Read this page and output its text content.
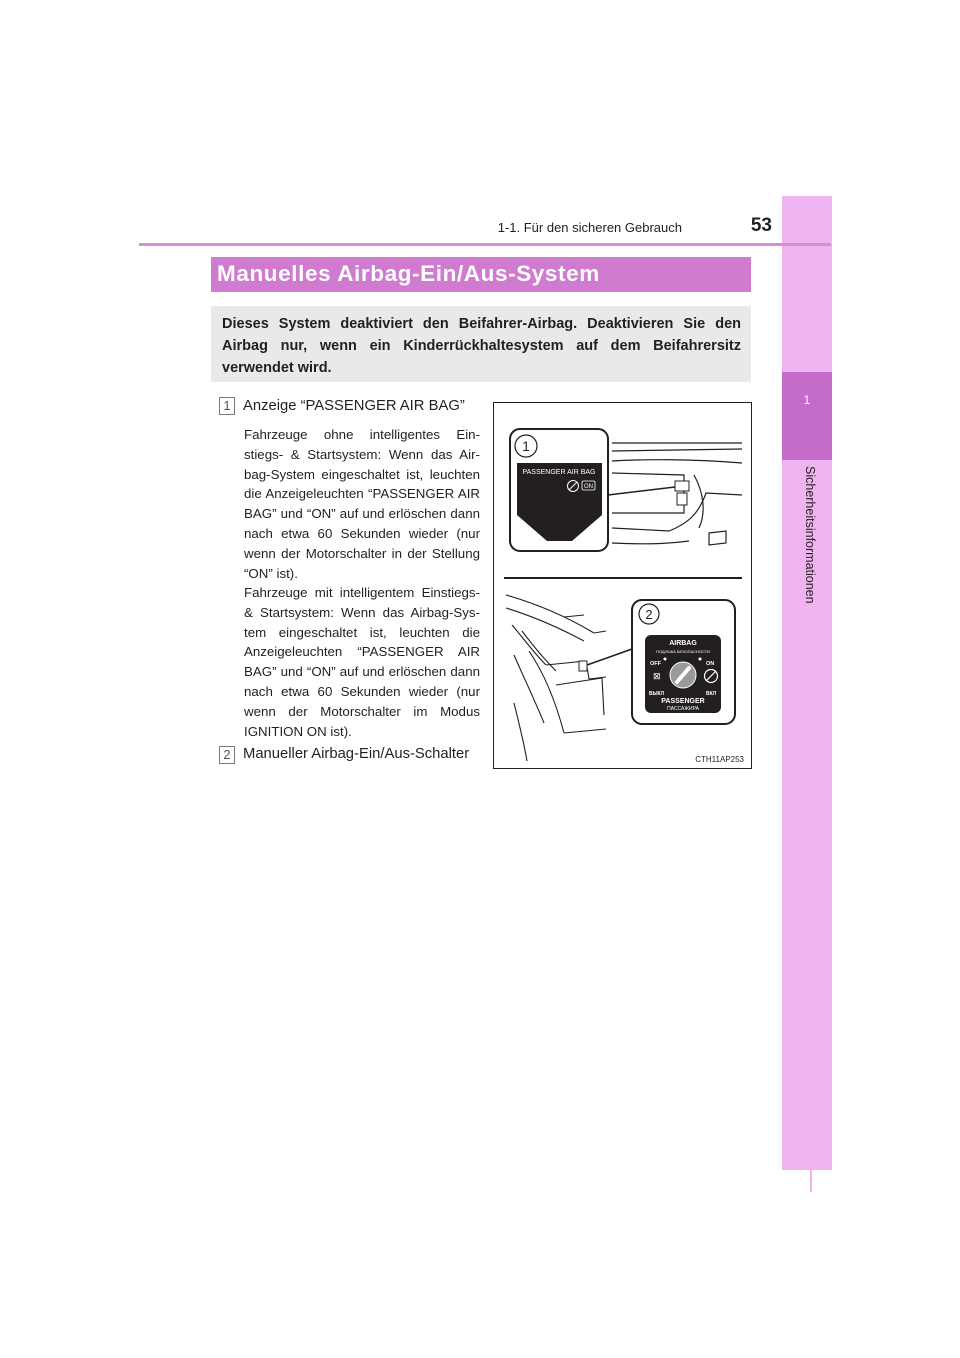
1
Sicherheitsinformationen
1-1. Für den sicheren Gebrauch	53
Manuelles Airbag-Ein/Aus-System
Dieses System deaktiviert den Beifahrer-Airbag. Deaktivieren Sie den Airbag nur, wenn ein Kinderrückhaltesystem auf dem Beifahrersitz verwendet wird.
1 Anzeige “PASSENGER AIR BAG”

Fahrzeuge ohne intelligentes Ein-stiegs- & Startsystem: Wenn das Air-bag-System eingeschaltet ist, leuchten die Anzeigeleuchten “PASSENGER AIR BAG” und “ON” auf und erlöschen dann nach etwa 60 Sekunden wieder (nur wenn der Motorschalter in der Stellung “ON” ist).

Fahrzeuge mit intelligentem Einstiegs- & Startsystem: Wenn das Airbag-Sys-tem eingeschaltet ist, leuchten die Anzeigeleuchten “PASSENGER AIR BAG” und “ON” auf und erlöschen dann nach etwa 60 Sekunden wieder (nur wenn der Motorschalter im Modus IGNITION ON ist).

2 Manueller Airbag-Ein/Aus-Schalter
1
PASSENGER AIR BAG
ON
2
AIRBAG
ПОДУШКА БЕЗОПАСНОСТИ
OFF	ON
⊠
ВЫКЛ	ВКЛ
PASSENGER
ПАССАЖИРА
CTH11AP253
